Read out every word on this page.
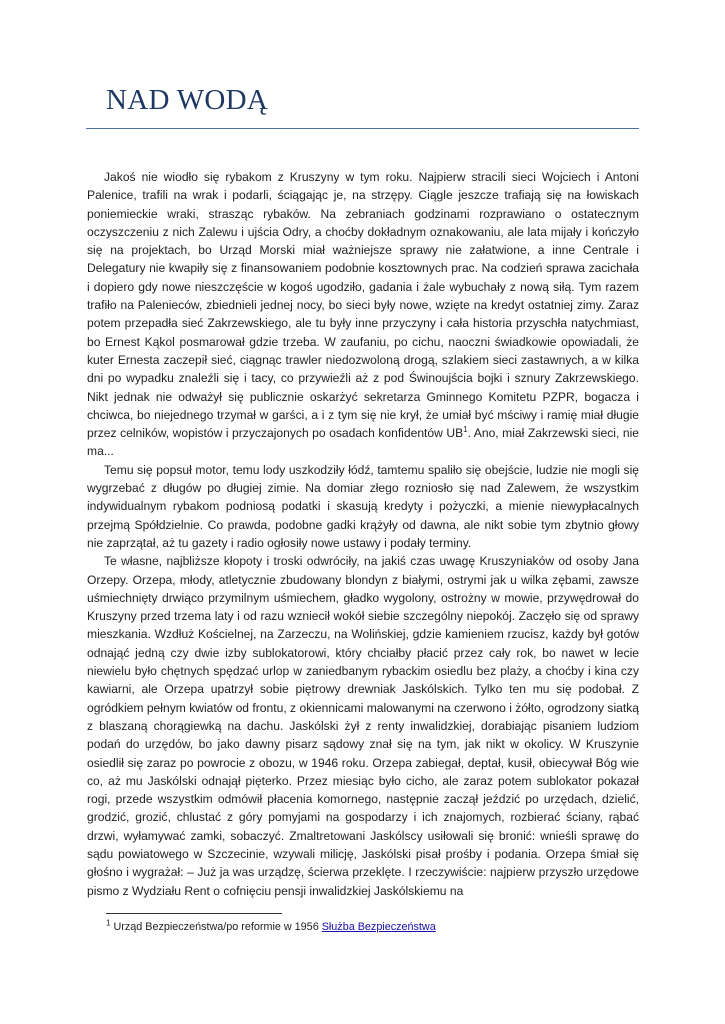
NAD WODĄ

Jakoś nie wiodło się rybakom z Kruszyny w tym roku. Najpierw stracili sieci Wojciech i Antoni Palenice, trafili na wrak i podarli, ściągając je, na strzępy. Ciągle jeszcze trafiają się na łowiskach poniemieckie wraki, strasząc rybaków. Na zebraniach godzinami rozprawiano o ostatecznym oczyszczeniu z nich Zalewu i ujścia Odry, a choćby dokładnym oznakowaniu, ale lata mijały i kończyło się na projektach, bo Urząd Morski miał ważniejsze sprawy nie załatwione, a inne Centrale i Delegatury nie kwapiły się z finansowaniem podobnie kosztownych prac. Na codzień sprawa zacichała i dopiero gdy nowe nieszczęście w kogoś ugodziło, gadania i żale wybuchały z nową siłą. Tym razem trafiło na Palenieców, zbiednieli jednej nocy, bo sieci były nowe, wzięte na kredyt ostatniej zimy. Zaraz potem przepadła sieć Zakrzewskiego, ale tu były inne przyczyny i cała historia przyschła natychmiast, bo Ernest Kąkol posmarował gdzie trzeba. W zaufaniu, po cichu, naoczni świadkowie opowiadali, że kuter Ernesta zaczepił sieć, ciągnąc trawler niedozwoloną drogą, szlakiem sieci zastawnych, a w kilka dni po wypadku znaleźli się i tacy, co przywieźli aż z pod Świnoujścia bojki i sznury Zakrzewskiego. Nikt jednak nie odważył się publicznie oskarżyć sekretarza Gminnego Komitetu PZPR, bogacza i chciwca, bo niejednego trzymał w garści, a i z tym się nie krył, że umiał być mściwy i ramię miał długie przez celników, wopistów i przyczajonych po osadach konfidentów $UB^1$. Ano, miał Zakrzewski sieci, nie ma...

Temu się popsuł motor, temu lody uszkodziły łódź, tamtemu spaliło się obejście, ludzie nie mogli się wygrzebać z długów po długiej zimie. Na domiar złego rozniosło się nad Zalewem, że wszystkim indywidualnym rybakom podniosą podatki i skasują kredyty i pożyczki, a mienie niewypłacalnych przejmą Spółdzielnie. Co prawda, podobne gadki krążyły od dawna, ale nikt sobie tym zbytnio głowy nie zaprzątał, aż tu gazety i radio ogłosiły nowe ustawy i podały terminy.

Te własne, najbliższe kłopoty i troski odwróciły, na jakiś czas uwagę Kruszyniaków od osoby Jana Orzepy. Orzepa, młody, atletycznie zbudowany blondyn z białymi, ostrymi jak u wilka zębami, zawsze uśmiechnięty drwiąco przymilnym uśmiechem, gładko wygolony, ostrożny w mowie, przywędrował do Kruszyny przed trzema laty i od razu wzniecił wokół siebie szczególny niepokój. Zaczęło się od sprawy mieszkania. Wzdłuż Kościelnej, na Zarzeczu, na Wolińskiej, gdzie kamieniem rzucisz, każdy był gotów odnająć jedną czy dwie izby sublokatorowi, który chciałby płacić przez cały rok, bo nawet w lecie niewielu było chętnych spędzać urlop w zaniedbanym rybackim osiedlu bez plaży, a choćby i kina czy kawiarni, ale Orzepa upatrzył sobie piętrowy drewniak Jaskólskich. Tylko ten mu się podobał. Z ogródkiem pełnym kwiatów od frontu, z okiennicami malowanymi na czerwono i żółto, ogrodzony siatką z blaszaną chorągiewką na dachu. Jaskólski żył z renty inwalidzkiej, dorabiając pisaniem ludziom podań do urzędów, bo jako dawny pisarz sądowy znał się na tym, jak nikt w okolicy. W Kruszynie osiedlił się zaraz po powrocie z obozu, w 1946 roku. Orzepa zabiegał, deptał, kusił, obiecywał Bóg wie co, aż mu Jaskólski odnajął pięterko. Przez miesiąc było cicho, ale zaraz potem sublokator pokazał rogi, przede wszystkim odmówił płacenia komornego, następnie zaczął jeździć po urzędach, dzielić, grodzić, grozić, chlustać z góry pomyjami na gospodarzy i ich znajomych, rozbierać ściany, rąbać drzwi, wyłamywać zamki, sobaczyć. Zmaltretowani Jaskólscy usiłowali się bronić: wnieśli sprawę do sądu powiatowego w Szczecinie, wzywali milicję, Jaskólski pisał prośby i podania. Orzepa śmiał się głośno i wygrażał: – Już ja was urządzę, ścierwa przeklęte. I rzeczywiście: najpierw przyszło urzędowe pismo z Wydziału Rent o cofnięciu pensji inwalidzkiej Jaskólskiemu na

$^1$ Urząd Bezpieczeństwa/po reformie w 1956 Służba Bezpieczeństwa
